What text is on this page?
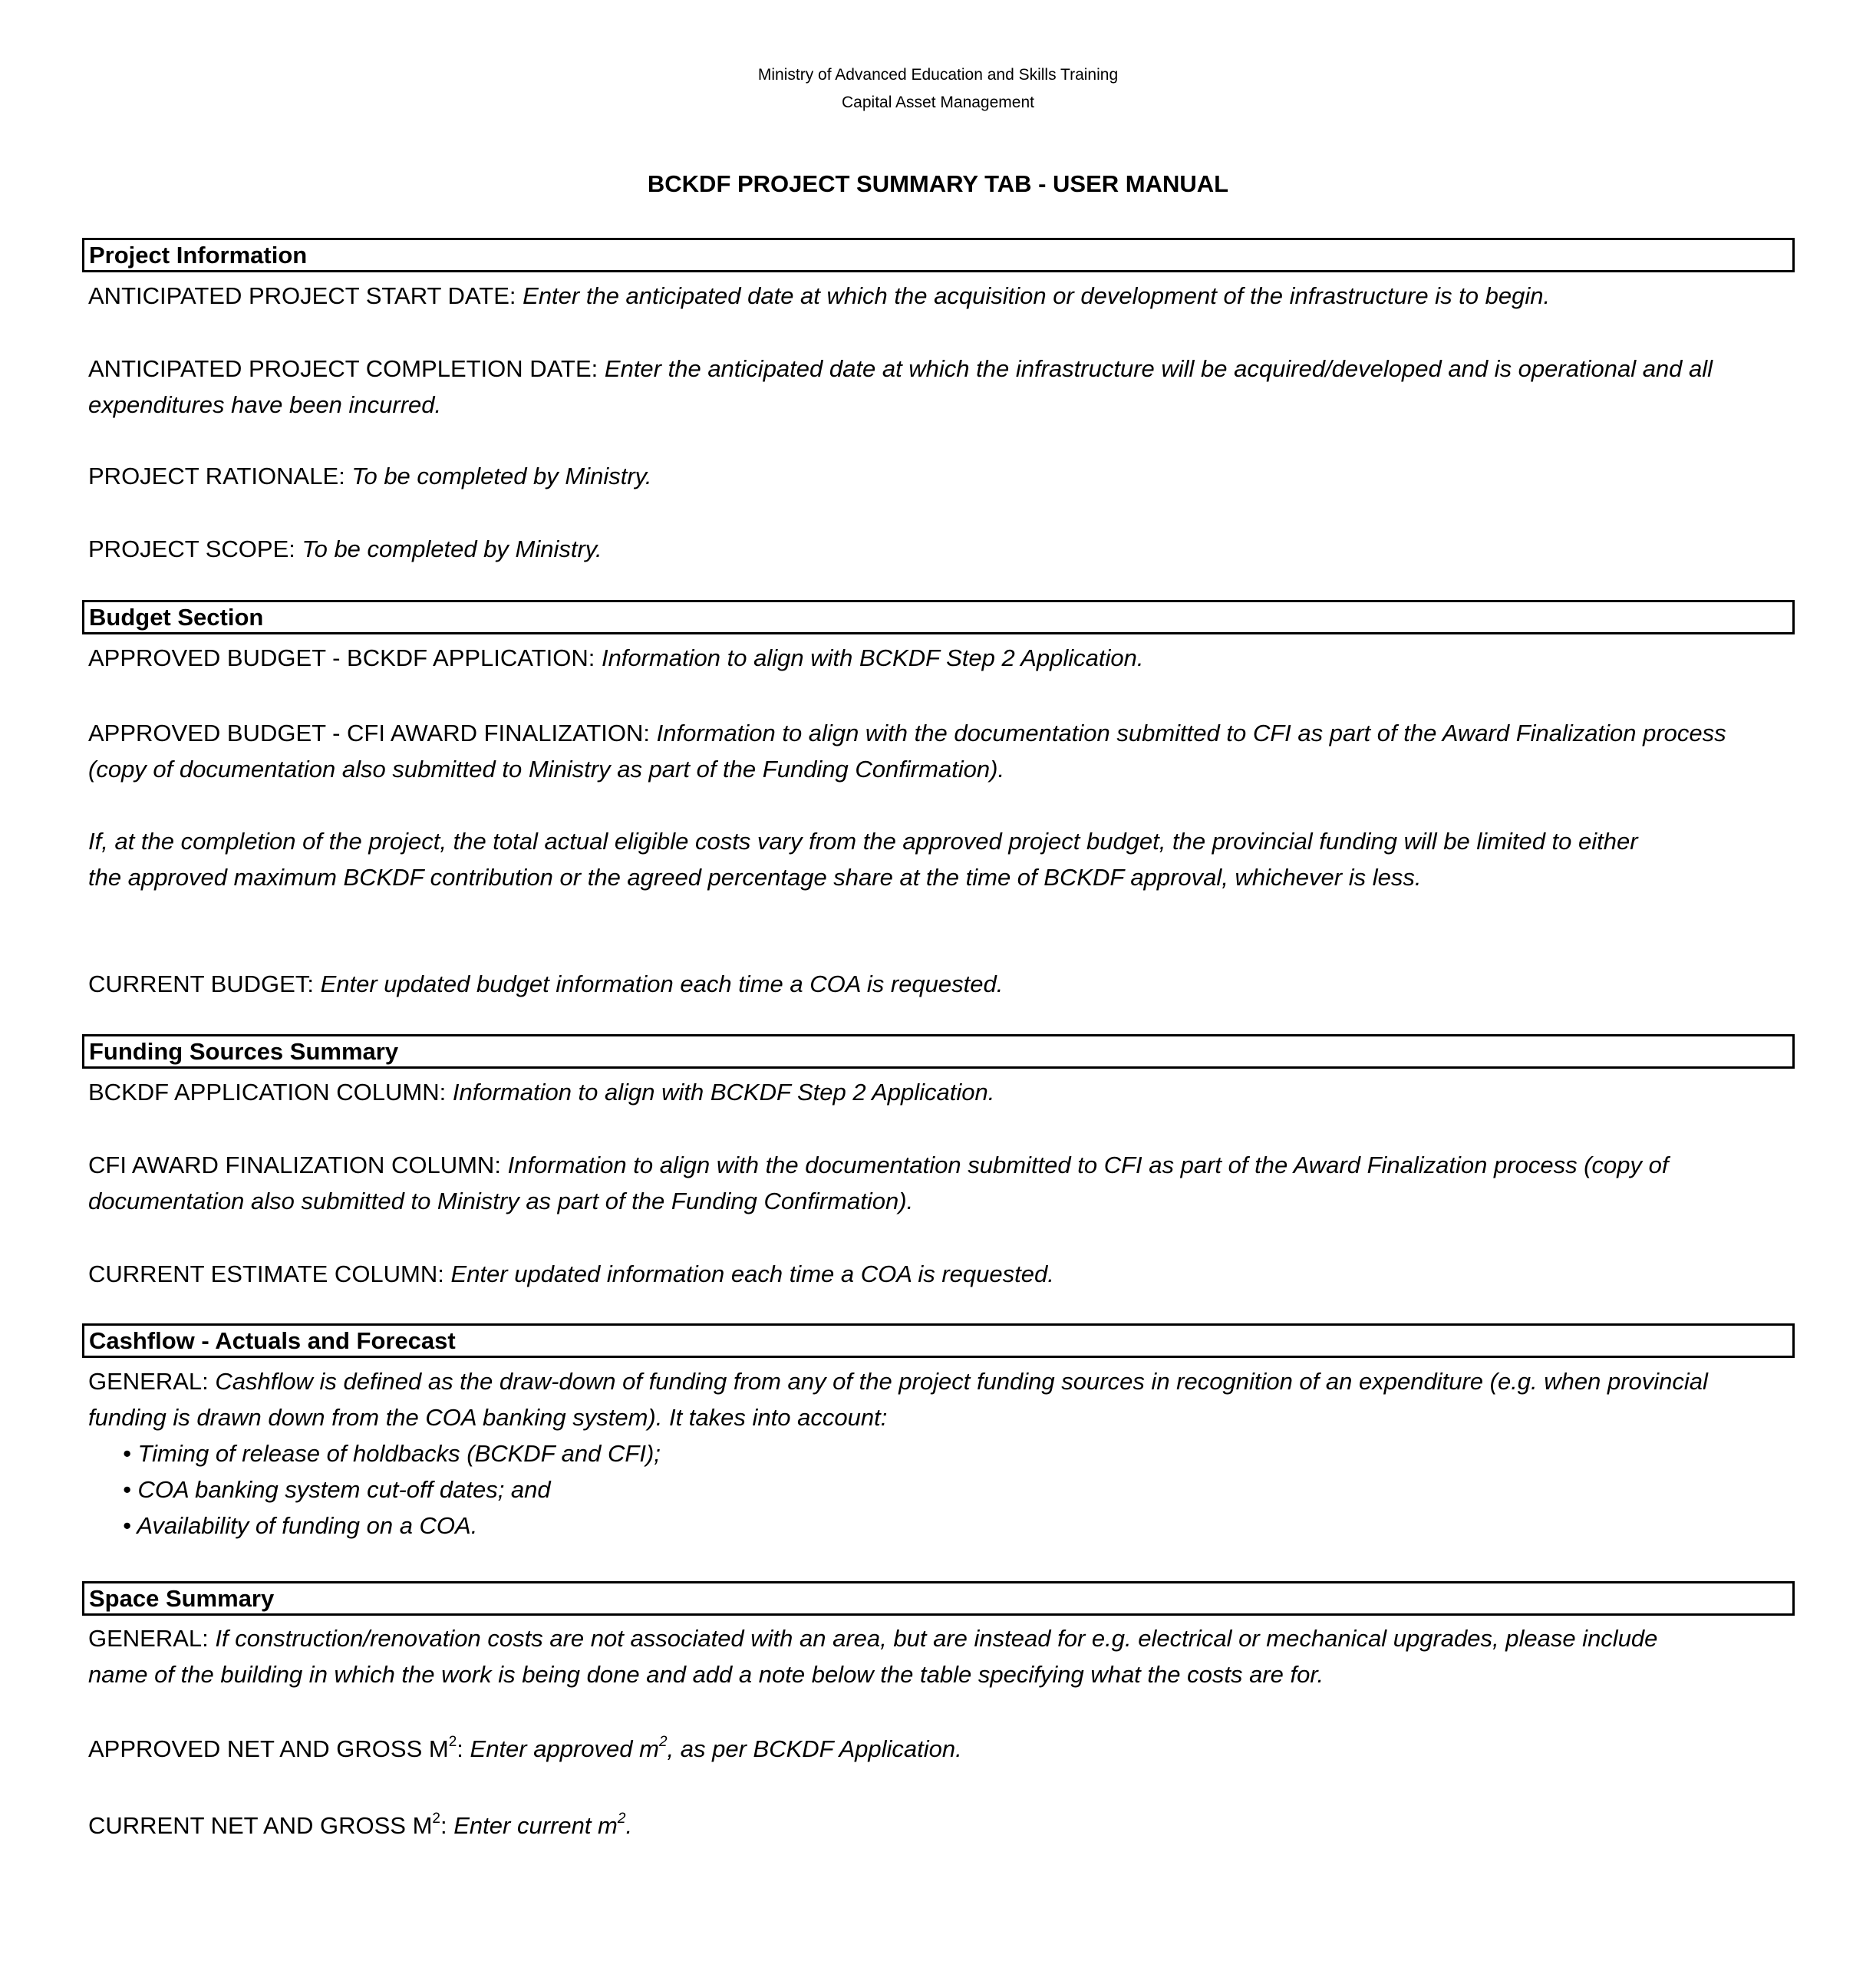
Ministry of Advanced Education and Skills Training
Capital Asset Management
BCKDF PROJECT SUMMARY TAB - USER MANUAL
Project Information
ANTICIPATED PROJECT START DATE: Enter the anticipated date at which the acquisition or development of the infrastructure is to begin.
ANTICIPATED PROJECT COMPLETION DATE: Enter the anticipated date at which the infrastructure will be acquired/developed and is operational and all
expenditures have been incurred.
PROJECT RATIONALE: To be completed by Ministry.
PROJECT SCOPE: To be completed by Ministry.
Budget Section
APPROVED BUDGET - BCKDF APPLICATION: Information to align with BCKDF Step 2 Application.
APPROVED BUDGET - CFI AWARD FINALIZATION: Information to align with the documentation submitted to CFI as part of the Award Finalization process
(copy of documentation also submitted to Ministry as part of the Funding Confirmation).
If, at the completion of the project, the total actual eligible costs vary from the approved project budget, the provincial funding will be limited to either
the approved maximum BCKDF contribution or the agreed percentage share at the time of BCKDF approval, whichever is less.
CURRENT BUDGET: Enter updated budget information each time a COA is requested.
Funding Sources Summary
BCKDF APPLICATION COLUMN: Information to align with BCKDF Step 2 Application.
CFI AWARD FINALIZATION COLUMN: Information to align with the documentation submitted to CFI as part of the Award Finalization process (copy of
documentation also submitted to Ministry as part of the Funding Confirmation).
CURRENT ESTIMATE COLUMN: Enter updated information each time a COA is requested.
Cashflow - Actuals and Forecast
GENERAL: Cashflow is defined as the draw-down of funding from any of the project funding sources in recognition of an expenditure (e.g. when provincial
funding is drawn down from the COA banking system). It takes into account:
• Timing of release of holdbacks (BCKDF and CFI);
• COA banking system cut-off dates; and
• Availability of funding on a COA.
Space Summary
GENERAL: If construction/renovation costs are not associated with an area, but are instead for e.g. electrical or mechanical upgrades, please include
name of the building in which the work is being done and add a note below the table specifying what the costs are for.
APPROVED NET AND GROSS $M^2$: Enter approved $m^2$, as per BCKDF Application.
CURRENT NET AND GROSS $M^2$: Enter current $m^2$.
